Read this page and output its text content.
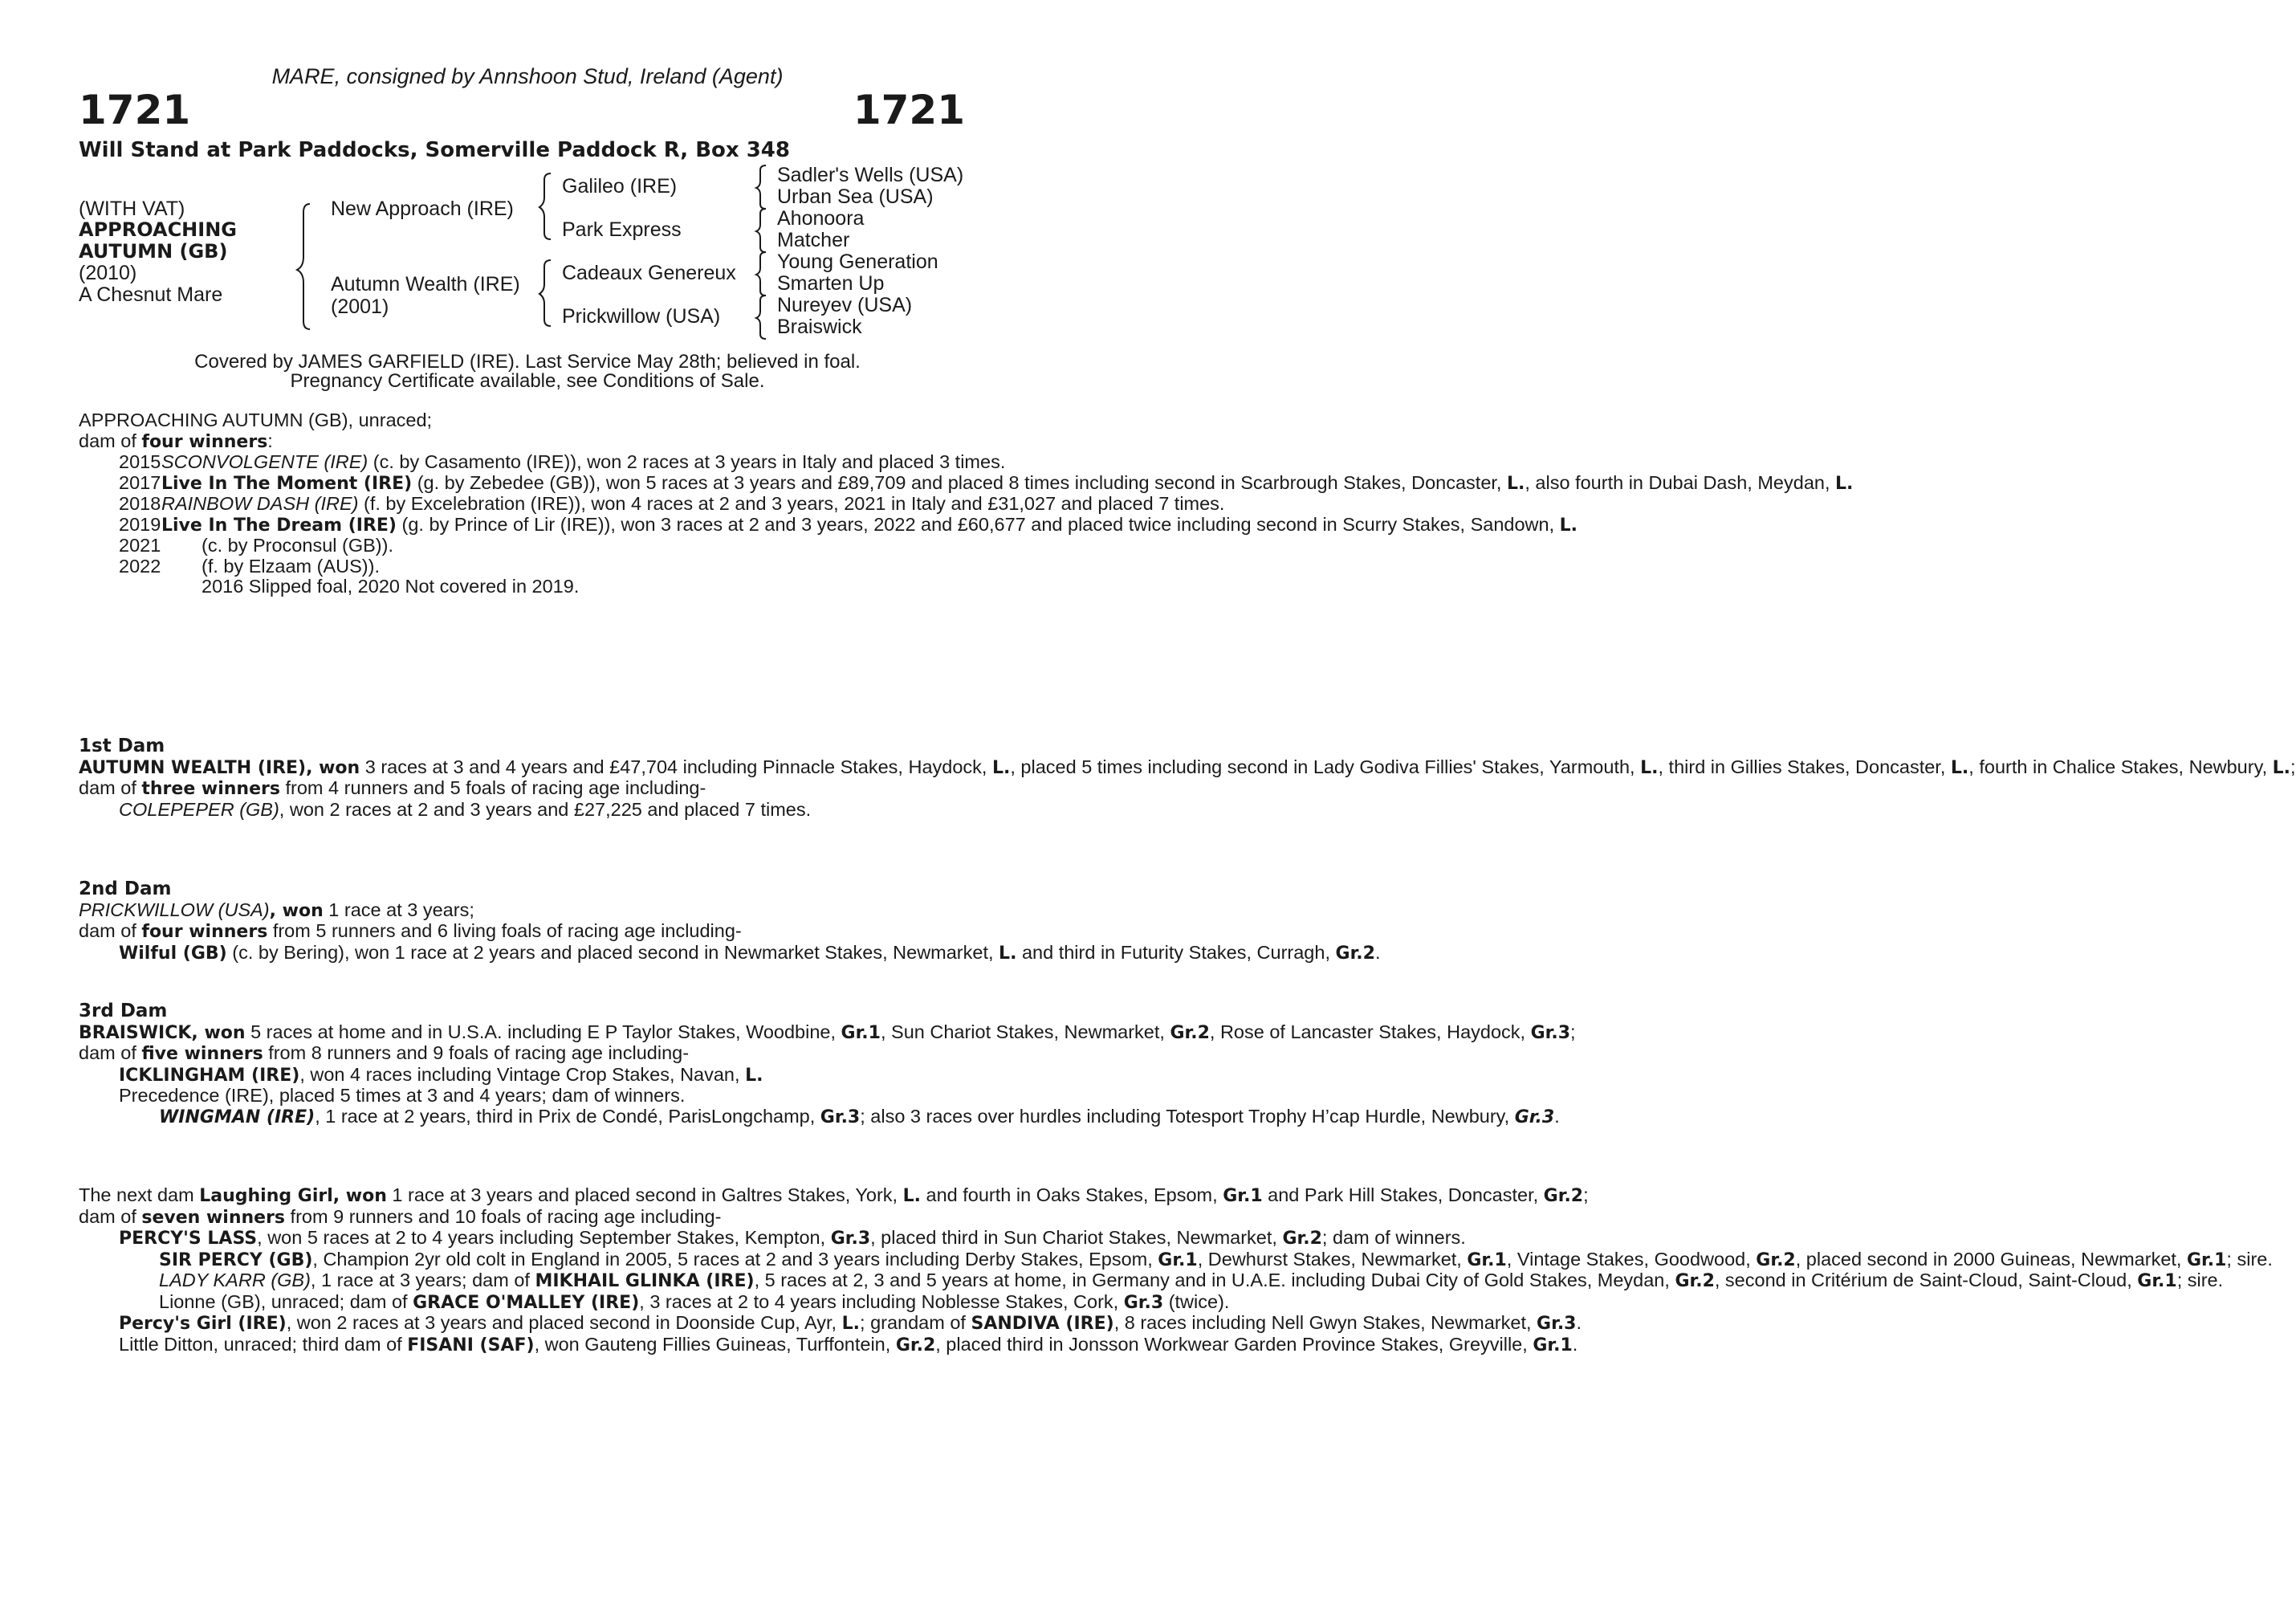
MARE, consigned by Annshoon Stud, Ireland (Agent)
1721	1721
Will Stand at Park Paddocks, Somerville Paddock R, Box 348
(WITH VAT)
APPROACHING
AUTUMN (GB)
(2010)
A Chesnut Mare
New Approach (IRE)
Autumn Wealth (IRE)
(2001)
Galileo (IRE)
Park Express
Cadeaux Genereux
Prickwillow (USA)
Sadler's Wells (USA)
Urban Sea (USA)
Ahonoora
Matcher
Young Generation
Smarten Up
Nureyev (USA)
Braiswick
Covered by JAMES GARFIELD (IRE). Last Service May 28th; believed in foal.
Pregnancy Certificate available, see Conditions of Sale.

APPROACHING AUTUMN (GB), unraced;

dam of four winners:

2015 SCONVOLGENTE (IRE) (c. by Casamento (IRE)), won 2 races at 3 years in Italy and placed 3 times.

2017 Live In The Moment (IRE) (g. by Zebedee (GB)), won 5 races at 3 years and £89,709 and placed 8 times including second in Scarbrough Stakes, Doncaster, L., also fourth in Dubai Dash, Meydan, L.

2018 RAINBOW DASH (IRE) (f. by Excelebration (IRE)), won 4 races at 2 and 3 years, 2021 in Italy and £31,027 and placed 7 times.

2019 Live In The Dream (IRE) (g. by Prince of Lir (IRE)), won 3 races at 2 and 3 years, 2022 and £60,677 and placed twice including second in Scurry Stakes, Sandown, L.

2021 (c. by Proconsul (GB)).

2022 (f. by Elzaam (AUS)).

2016 Slipped foal, 2020 Not covered in 2019.

1st Dam

AUTUMN WEALTH (IRE), won 3 races at 3 and 4 years and £47,704 including Pinnacle Stakes, Haydock, L., placed 5 times including second in Lady Godiva Fillies' Stakes, Yarmouth, L., third in Gillies Stakes, Doncaster, L., fourth in Chalice Stakes, Newbury, L.;

dam of three winners from 4 runners and 5 foals of racing age including-

COLEPEPER (GB), won 2 races at 2 and 3 years and £27,225 and placed 7 times.

2nd Dam

PRICKWILLOW (USA), won 1 race at 3 years;

dam of four winners from 5 runners and 6 living foals of racing age including-

Wilful (GB) (c. by Bering), won 1 race at 2 years and placed second in Newmarket Stakes, Newmarket, L. and third in Futurity Stakes, Curragh, Gr.2.

3rd Dam

BRAISWICK, won 5 races at home and in U.S.A. including E P Taylor Stakes, Woodbine, Gr.1, Sun Chariot Stakes, Newmarket, Gr.2, Rose of Lancaster Stakes, Haydock, Gr.3;

dam of five winners from 8 runners and 9 foals of racing age including-

ICKLINGHAM (IRE), won 4 races including Vintage Crop Stakes, Navan, L.

Precedence (IRE), placed 5 times at 3 and 4 years; dam of winners.

WINGMAN (IRE), 1 race at 2 years, third in Prix de Condé, ParisLongchamp, Gr.3; also 3 races over hurdles including Totesport Trophy H’cap Hurdle, Newbury, Gr.3.

The next dam Laughing Girl, won 1 race at 3 years and placed second in Galtres Stakes, York, L. and fourth in Oaks Stakes, Epsom, Gr.1 and Park Hill Stakes, Doncaster, Gr.2;

dam of seven winners from 9 runners and 10 foals of racing age including-

PERCY'S LASS, won 5 races at 2 to 4 years including September Stakes, Kempton, Gr.3, placed third in Sun Chariot Stakes, Newmarket, Gr.2; dam of winners.

SIR PERCY (GB), Champion 2yr old colt in England in 2005, 5 races at 2 and 3 years including Derby Stakes, Epsom, Gr.1, Dewhurst Stakes, Newmarket, Gr.1, Vintage Stakes, Goodwood, Gr.2, placed second in 2000 Guineas, Newmarket, Gr.1; sire.

LADY KARR (GB), 1 race at 3 years; dam of MIKHAIL GLINKA (IRE), 5 races at 2, 3 and 5 years at home, in Germany and in U.A.E. including Dubai City of Gold Stakes, Meydan, Gr.2, second in Critérium de Saint-Cloud, Saint-Cloud, Gr.1; sire.

Lionne (GB), unraced; dam of GRACE O'MALLEY (IRE), 3 races at 2 to 4 years including Noblesse Stakes, Cork, Gr.3 (twice).

Percy's Girl (IRE), won 2 races at 3 years and placed second in Doonside Cup, Ayr, L.; grandam of SANDIVA (IRE), 8 races including Nell Gwyn Stakes, Newmarket, Gr.3.

Little Ditton, unraced; third dam of FISANI (SAF), won Gauteng Fillies Guineas, Turffontein, Gr.2, placed third in Jonsson Workwear Garden Province Stakes, Greyville, Gr.1.
